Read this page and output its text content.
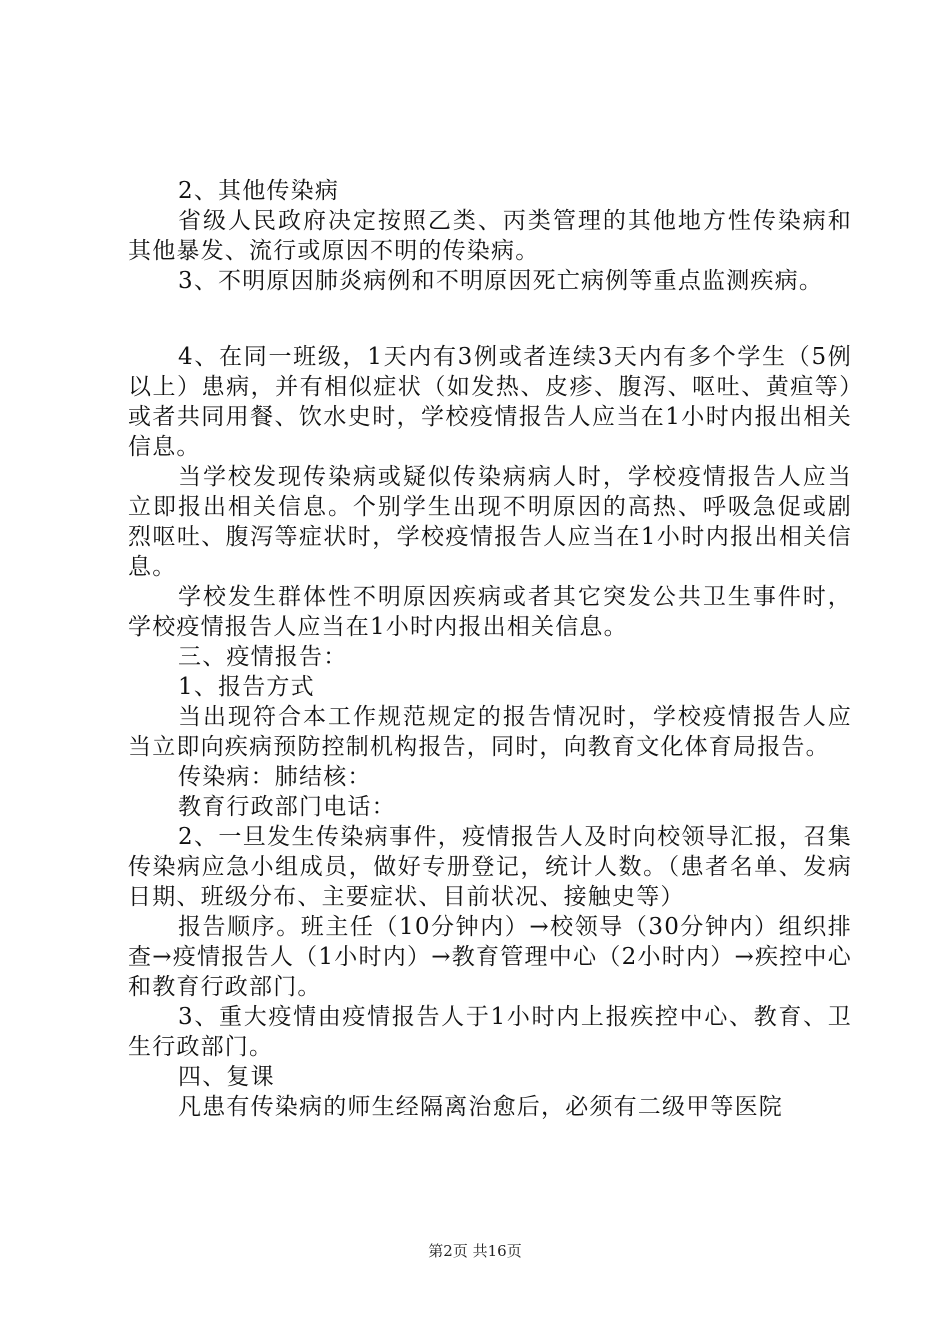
2、其他传染病

省级人民政府决定按照乙类、丙类管理的其他地方性传染病和其他暴发、流行或原因不明的传染病。

3、不明原因肺炎病例和不明原因死亡病例等重点监测疾病。

4、在同一班级，1天内有3例或者连续3天内有多个学生（5例以上）患病，并有相似症状（如发热、皮疹、腹泻、呕吐、黄疸等）或者共同用餐、饮水史时，学校疫情报告人应当在1小时内报出相关信息。

当学校发现传染病或疑似传染病病人时，学校疫情报告人应当立即报出相关信息。个别学生出现不明原因的高热、呼吸急促或剧烈呕吐、腹泻等症状时，学校疫情报告人应当在1小时内报出相关信息。

学校发生群体性不明原因疾病或者其它突发公共卫生事件时，学校疫情报告人应当在1小时内报出相关信息。

三、疫情报告：

1、报告方式

当出现符合本工作规范规定的报告情况时，学校疫情报告人应当立即向疾病预防控制机构报告，同时，向教育文化体育局报告。

传染病：肺结核：

教育行政部门电话：

2、一旦发生传染病事件，疫情报告人及时向校领导汇报，召集传染病应急小组成员，做好专册登记，统计人数。（患者名单、发病日期、班级分布、主要症状、目前状况、接触史等）

报告顺序。班主任（10分钟内）→校领导（30分钟内）组织排查→疫情报告人（1小时内）→教育管理中心（2小时内）→疾控中心和教育行政部门。

3、重大疫情由疫情报告人于1小时内上报疾控中心、教育、卫生行政部门。

四、复课

凡患有传染病的师生经隔离治愈后，必须有二级甲等医院

第2页 共16页
